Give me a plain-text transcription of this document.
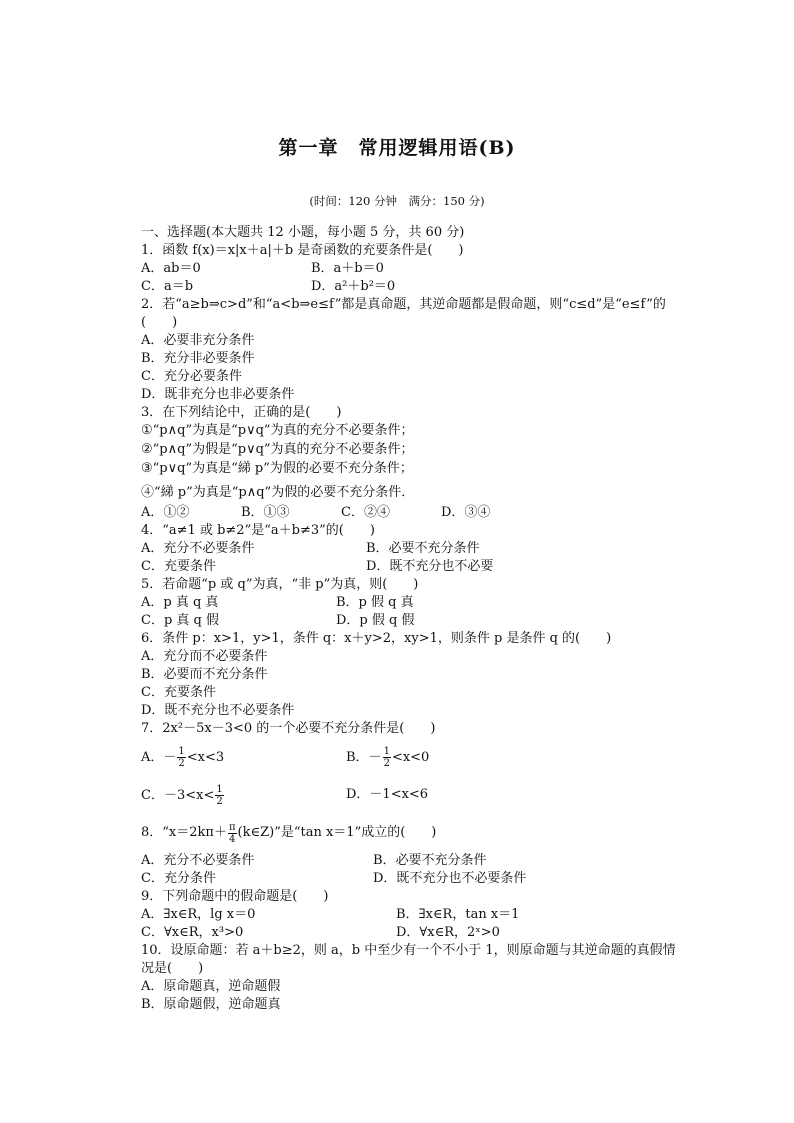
第一章　常用逻辑用语(B)
(时间：120 分钟　满分：150 分)
一、选择题(本大题共 12 小题，每小题 5 分，共 60 分)
1．函数 f(x)＝x|x＋a|＋b 是奇函数的充要条件是(　　)
A．ab＝0	B．a＋b＝0
C．a＝b	D．a²＋b²＝0
2．若“a≥b⇒c>d”和“a<b⇒e≤f”都是真命题，其逆命题都是假命题，则“c≤d”是“e≤f”的(　　)
A．必要非充分条件
B．充分非必要条件
C．充分必要条件
D．既非充分也非必要条件
3．在下列结论中，正确的是(　　)
①“p∧q”为真是“p∨q”为真的充分不必要条件；
②“p∧q”为假是“p∨q”为真的充分不必要条件；
③“p∨q”为真是“綈 p”为假的必要不充分条件；
④“綈 p”为真是“p∧q”为假的必要不充分条件．
A．①②	B．①③	C．②④	D．③④
4．“a≠1 或 b≠2”是“a＋b≠3”的(　　)
A．充分不必要条件	B．必要不充分条件
C．充要条件	D．既不充分也不必要
5．若命题“p 或 q”为真，“非 p”为真，则(　　)
A．p 真 q 真	B．p 假 q 真
C．p 真 q 假	D．p 假 q 假
6．条件 p：x>1，y>1，条件 q：x＋y>2，xy>1，则条件 p 是条件 q 的(　　)
A．充分而不必要条件
B．必要而不充分条件
C．充要条件
D．既不充分也不必要条件
7．2x²－5x－3<0 的一个必要不充分条件是(　　)
A．－ $\frac{1}{2} <x<3$	B．－ $\frac{1}{2} <x<0$
C．$-3<x< \frac{1}{2}$	D．－1<x<6
8．“$x=2k\pi+ \frac{\pi}{4}$ (k∈Z)”是“tan x＝1”成立的(　　)
A．充分不必要条件	B．必要不充分条件
C．充分条件	D．既不充分也不必要条件
9．下列命题中的假命题是(　　)
A．∃x∈R，lg x＝0	B．∃x∈R，tan x＝1
C．∀x∈R，x³>0	D．∀x∈R，2ˣ>0
10．设原命题：若 a＋b≥2，则 a，b 中至少有一个不小于 1，则原命题与其逆命题的真假情况是(　　)
A．原命题真，逆命题假
B．原命题假，逆命题真
